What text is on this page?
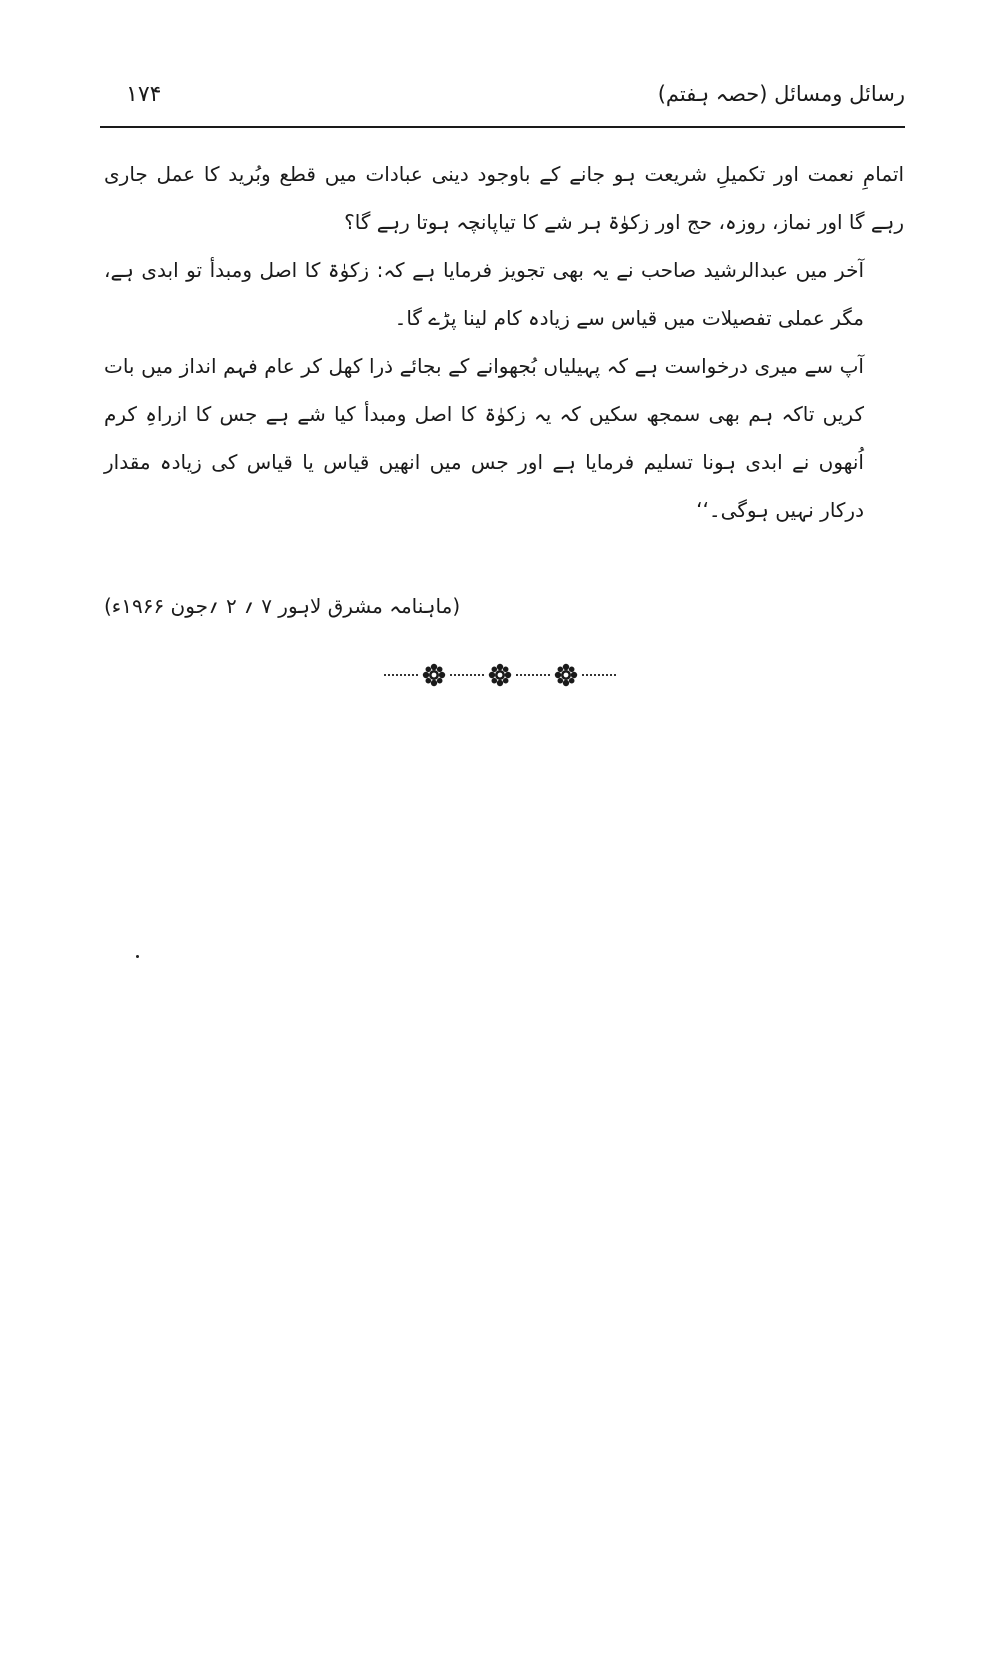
رسائل ومسائل (حصہ ہفتم)
۱۷۴

اتمامِ نعمت اور تکمیلِ شریعت ہو جانے کے باوجود دینی عبادات میں قطع وبُرید کا عمل جاری رہے گا اور نماز، روزہ، حج اور زکوٰۃ ہر شے کا تیاپانچہ ہوتا رہے گا؟

آخر میں عبدالرشید صاحب نے یہ بھی تجویز فرمایا ہے کہ: زکوٰۃ کا اصل ومبدأ تو ابدی ہے، مگر عملی تفصیلات میں قیاس سے زیادہ کام لینا پڑے گا۔

آپ سے میری درخواست ہے کہ پہیلیاں بُجھوانے کے بجائے ذرا کھل کر عام فہم انداز میں بات کریں تاکہ ہم بھی سمجھ سکیں کہ یہ زکوٰۃ کا اصل ومبدأ کیا شے ہے جس کا ازراہِ کرم اُنھوں نے ابدی ہونا تسلیم فرمایا ہے اور جس میں انھیں قیاس یا قیاس کی زیادہ مقدار درکار نہیں ہوگی۔‘‘

(ماہنامہ مشرق لاہور ۷ ؍ ۲ ؍جون ۱۹۶۶ء)
